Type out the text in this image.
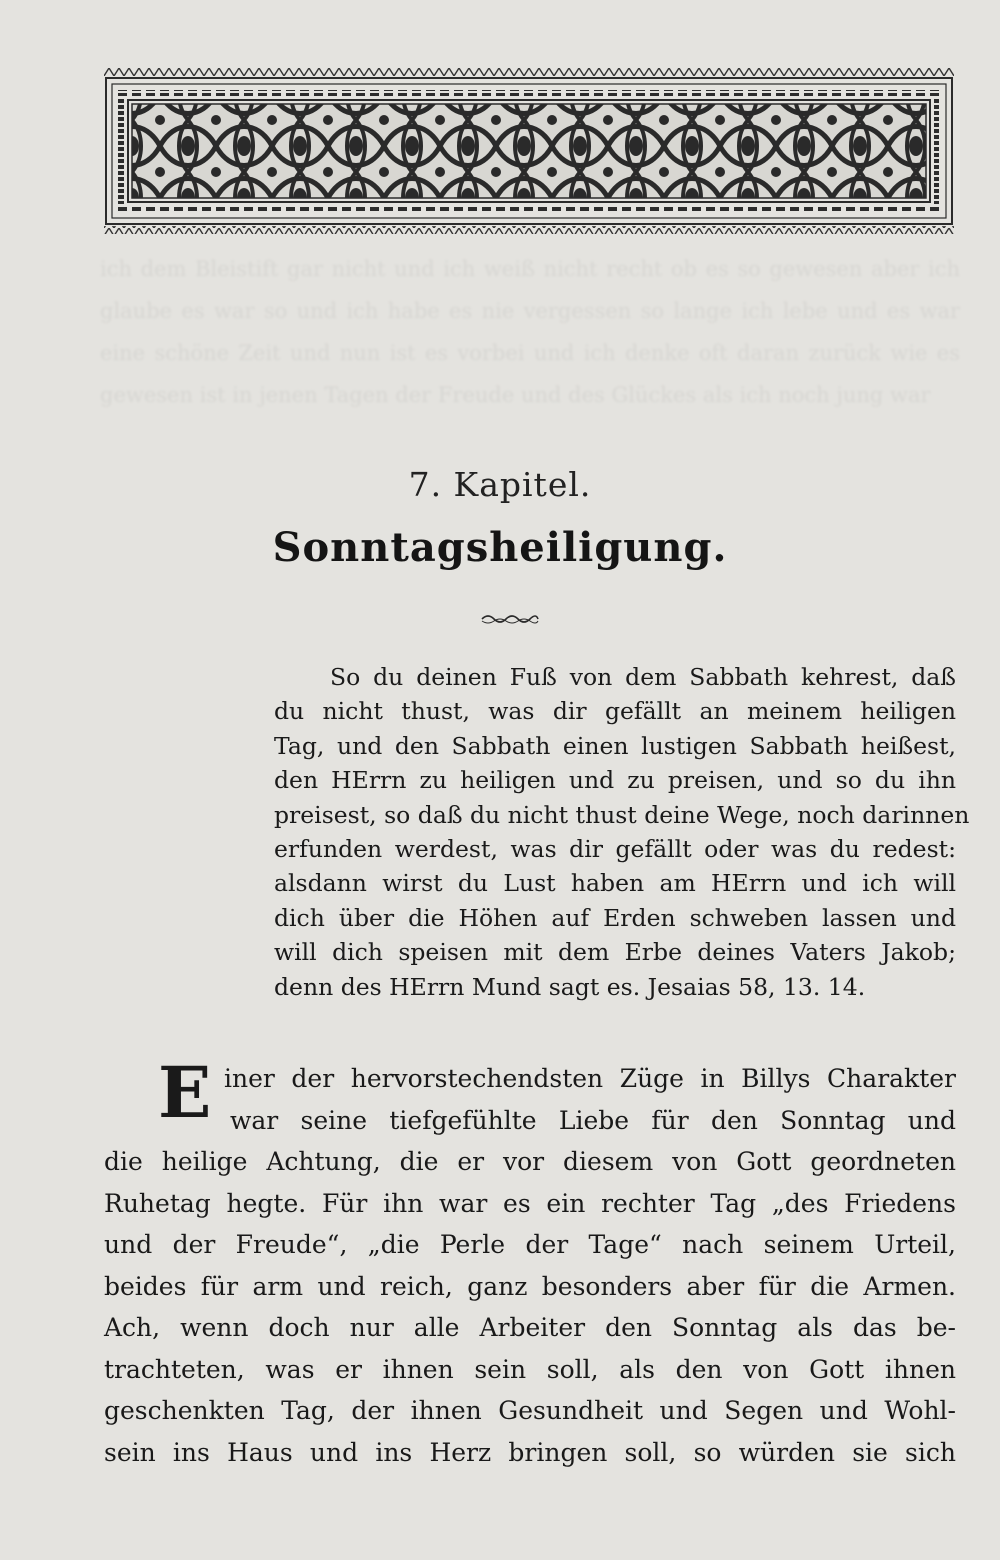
ich dem Bleistift gar nicht und ich weiß nicht recht ob es so gewesen aber ich glaube es war so und ich habe es nie vergessen so lange ich lebe und es war eine schöne Zeit und nun ist es vorbei und ich denke oft daran zurück wie es gewesen ist in jenen Tagen der Freude und des Glückes als ich noch jung war
7. Kapitel.
Sonntagsheiligung.
So du deinen Fuß von dem Sabbath kehrest, daß
du nicht thust, was dir gefällt an meinem heiligen
Tag, und den Sabbath einen lustigen Sabbath heißest,
den HErrn zu heiligen und zu preisen, und so du ihn
preisest, so daß du nicht thust deine Wege, noch darinnen
erfunden werdest, was dir gefällt oder was du redest:
alsdann wirst du Lust haben am HErrn und ich will
dich über die Höhen auf Erden schweben lassen und
will dich speisen mit dem Erbe deines Vaters Jakob;
denn des HErrn Mund sagt es. Jesaias 58, 13. 14.
E iner der hervorstechendsten Züge in Billys Charakter
war seine tiefgefühlte Liebe für den Sonntag und
die heilige Achtung, die er vor diesem von Gott geordneten
Ruhetag hegte. Für ihn war es ein rechter Tag „des Friedens
und der Freude“, „die Perle der Tage“ nach seinem Urteil,
beides für arm und reich, ganz besonders aber für die Armen.
Ach, wenn doch nur alle Arbeiter den Sonntag als das be-
trachteten, was er ihnen sein soll, als den von Gott ihnen
geschenkten Tag, der ihnen Gesundheit und Segen und Wohl-
sein ins Haus und ins Herz bringen soll, so würden sie sich
